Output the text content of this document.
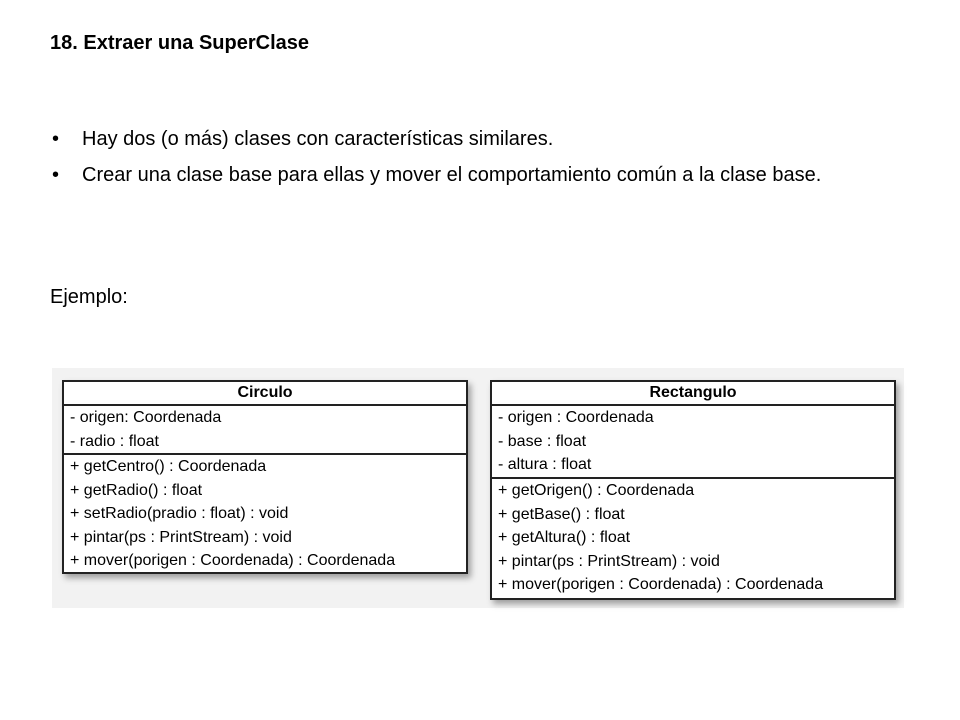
18. Extraer una SuperClase
• Hay dos (o más) clases con características similares.
• Crear una clase base para ellas y mover el comportamiento común a la clase base.
Ejemplo:
Circulo
- origen: Coordenada
- radio : float
+ getCentro() : Coordenada
+ getRadio() : float
+ setRadio(pradio : float) : void
+ pintar(ps : PrintStream) : void
+ mover(porigen : Coordenada) : Coordenada
Rectangulo
- origen : Coordenada
- base : float
- altura : float
+ getOrigen() : Coordenada
+ getBase() : float
+ getAltura() : float
+ pintar(ps : PrintStream) : void
+ mover(porigen : Coordenada) : Coordenada
